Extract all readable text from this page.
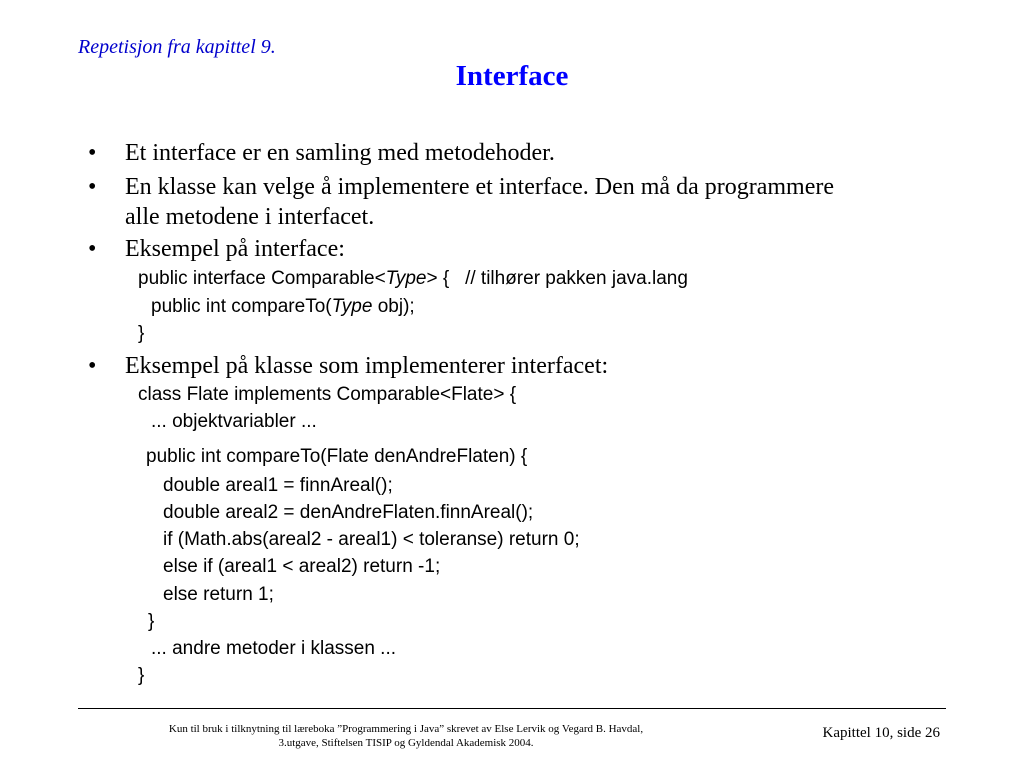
Repetisjon fra kapittel 9.
Interface
• Et interface er en samling med metodehoder.
• En klasse kan velge å implementere et interface. Den må da programmere alle metodene i interfacet.
• Eksempel på interface:
public interface Comparable<Type> {   // tilhører pakken java.lang
public int compareTo(Type obj);
}
• Eksempel på klasse som implementerer interfacet:
class Flate implements Comparable<Flate> {
... objektvariabler ...
public int compareTo(Flate denAndreFlaten) {
double areal1 = finnAreal();
double areal2 = denAndreFlaten.finnAreal();
if (Math.abs(areal2 - areal1) < toleranse) return 0;
else if (areal1 < areal2) return -1;
else return 1;
}
... andre metoder i klassen ...
}
Kun til bruk i tilknytning til læreboka ”Programmering i Java” skrevet av Else Lervik og Vegard B. Havdal,
3.utgave, Stiftelsen TISIP og Gyldendal Akademisk 2004.
Kapittel 10, side 26
